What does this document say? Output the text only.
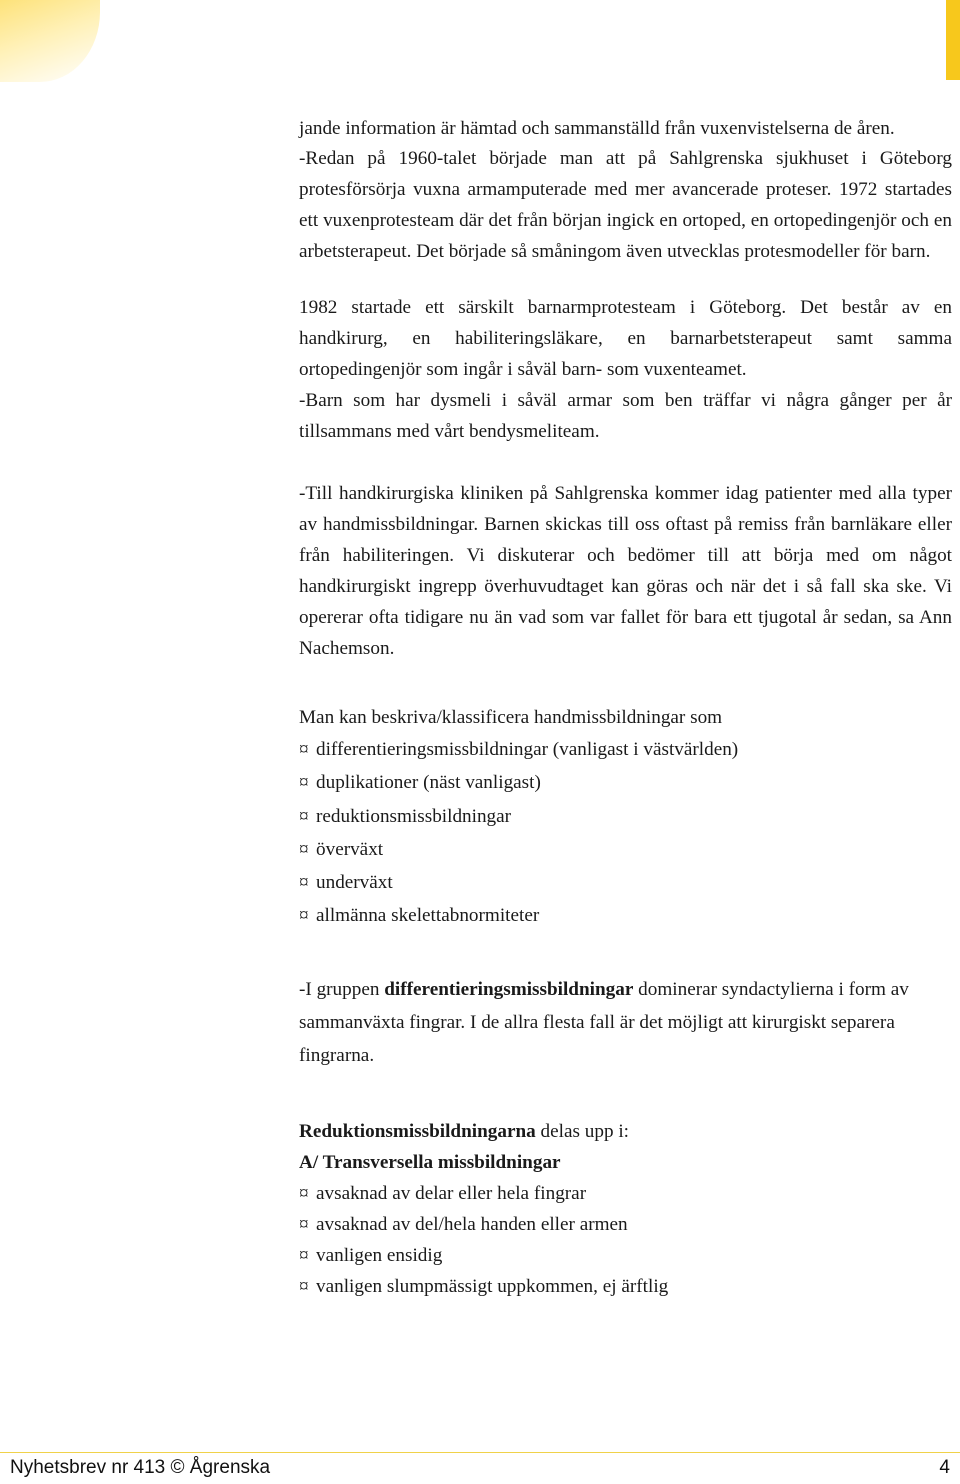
jande information är hämtad och sammanställd från vuxenvistelserna de åren.

-Redan på 1960-talet började man att på Sahlgrenska sjukhuset i Göteborg protesförsörja vuxna armamputerade med mer avancerade proteser. 1972 startades ett vuxenprotesteam där det från början ingick en ortoped, en ortopedingenjör och en arbetsterapeut. Det började så småningom även utvecklas protesmodeller för barn.

1982 startade ett särskilt barnarmprotesteam i Göteborg. Det består av en handkirurg, en habiliteringsläkare, en barnarbetsterapeut samt samma ortopedingenjör som ingår i såväl barn- som vuxenteamet.

-Barn som har dysmeli i såväl armar som ben träffar vi några gånger per år tillsammans med vårt bendysmeliteam.

-Till handkirurgiska kliniken på Sahlgrenska kommer idag patienter med alla typer av handmissbildningar. Barnen skickas till oss oftast på remiss från barnläkare eller från habiliteringen. Vi diskuterar och bedömer till att börja med om något handkirurgiskt ingrepp överhuvudtaget kan göras och när det i så fall ska ske. Vi opererar ofta tidigare nu än vad som var fallet för bara ett tjugotal år sedan, sa Ann Nachemson.

Man kan beskriva/klassificera handmissbildningar som

¤ differentieringsmissbildningar (vanligast i västvärlden)
¤ duplikationer (näst vanligast)
¤ reduktionsmissbildningar
¤ överväxt
¤ underväxt
¤ allmänna skelettabnormiteter

-I gruppen differentieringsmissbildningar dominerar syndactylierna i form av sammanväxta fingrar. I de allra flesta fall är det möjligt att kirurgiskt separera fingrarna.

Reduktionsmissbildningarna delas upp i:

A/ Transversella missbildningar

¤ avsaknad av delar eller hela fingrar
¤ avsaknad av del/hela handen eller armen
¤ vanligen ensidig
¤ vanligen slumpmässigt uppkommen, ej ärftlig
Nyhetsbrev nr 413 © Ågrenska	4
